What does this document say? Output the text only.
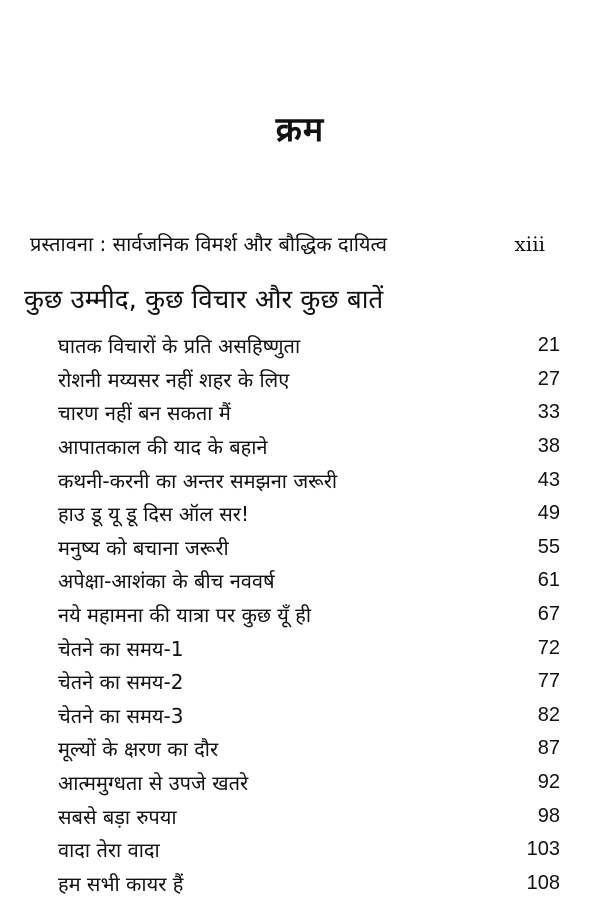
क्रम
प्रस्तावना : सार्वजनिक विमर्श और बौद्धिक दायित्व	xiii
कुछ उम्मीद, कुछ विचार और कुछ बातें
घातक विचारों के प्रति असहिष्णुता	21
रोशनी मय्यसर नहीं शहर के लिए	27
चारण नहीं बन सकता मैं	33
आपातकाल की याद के बहाने	38
कथनी-करनी का अन्तर समझना जरूरी	43
हाउ डू यू डू दिस ऑल सर!	49
मनुष्य को बचाना जरूरी	55
अपेक्षा-आशंका के बीच नववर्ष	61
नये महामना की यात्रा पर कुछ यूँ ही	67
चेतने का समय-1	72
चेतने का समय-2	77
चेतने का समय-3	82
मूल्यों के क्षरण का दौर	87
आत्ममुग्धता से उपजे खतरे	92
सबसे बड़ा रुपया	98
वादा तेरा वादा	103
हम सभी कायर हैं	108
